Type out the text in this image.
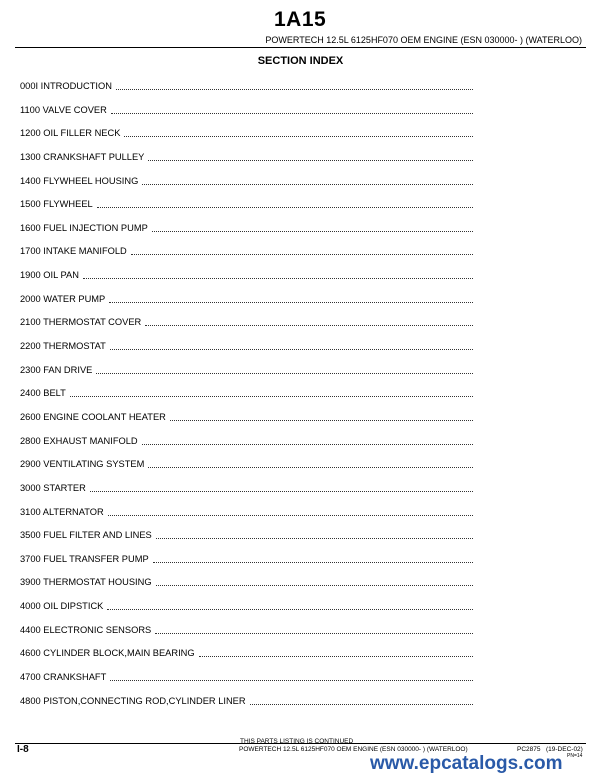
1A15
POWERTECH 12.5L 6125HF070 OEM ENGINE (ESN 030000- ) (WATERLOO)
SECTION INDEX
000I INTRODUCTION
1100 VALVE COVER
1200 OIL FILLER NECK
1300 CRANKSHAFT PULLEY
1400 FLYWHEEL HOUSING
1500 FLYWHEEL
1600 FUEL INJECTION PUMP
1700 INTAKE MANIFOLD
1900 OIL PAN
2000 WATER PUMP
2100 THERMOSTAT COVER
2200 THERMOSTAT
2300 FAN DRIVE
2400 BELT
2600 ENGINE COOLANT HEATER
2800 EXHAUST MANIFOLD
2900 VENTILATING SYSTEM
3000 STARTER
3100 ALTERNATOR
3500 FUEL FILTER AND LINES
3700 FUEL TRANSFER PUMP
3900 THERMOSTAT HOUSING
4000 OIL DIPSTICK
4400 ELECTRONIC SENSORS
4600 CYLINDER BLOCK,MAIN BEARING
4700 CRANKSHAFT
4800 PISTON,CONNECTING ROD,CYLINDER LINER
THIS PARTS LISTING IS CONTINUED
I-8	POWERTECH 12.5L 6125HF070 OEM ENGINE (ESN 030000- ) (WATERLOO)	PC2875 (19-DEC-02)
PN=14
www.epcatalogs.com
